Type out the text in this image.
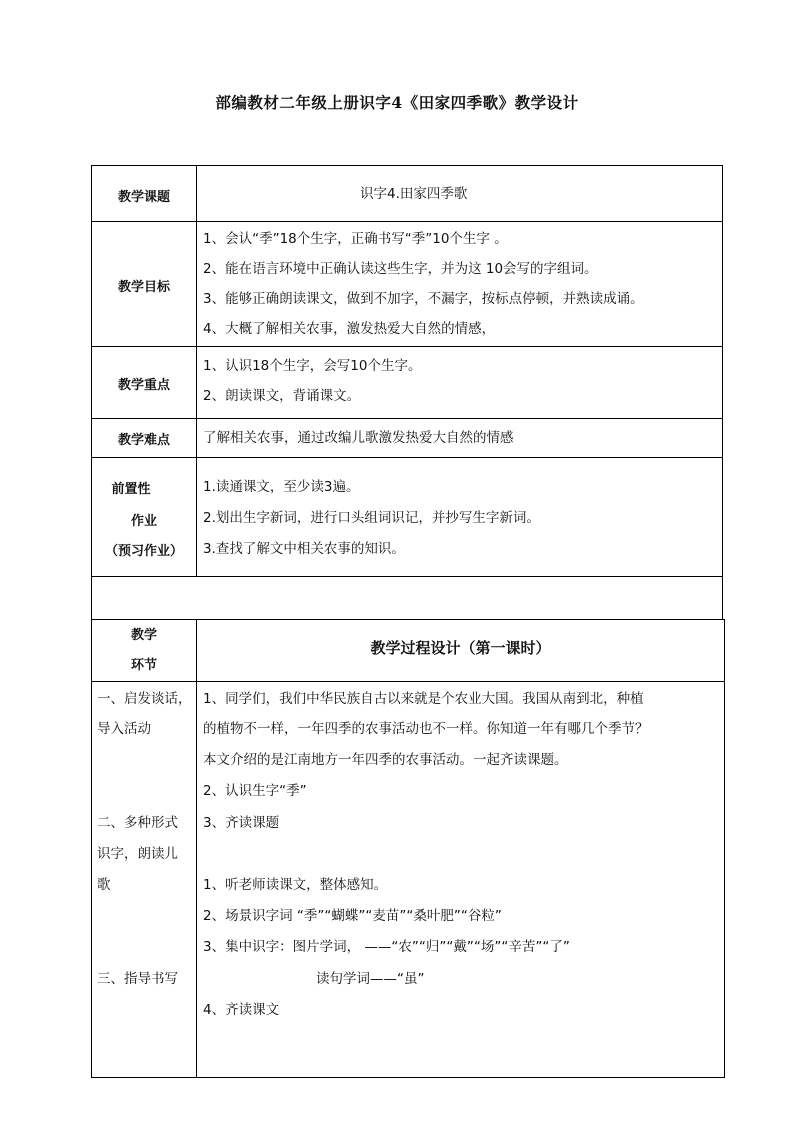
部编教材二年级上册识字4《田家四季歌》教学设计
教学课题	识字4.田家四季歌
教学目标
1、会认“季”18个生字，正确书写“季”10个生字 。
2、能在语言环境中正确认读这些生字，并为这 10会写的字组词。
3、能够正确朗读课文，做到不加字，不漏字，按标点停顿，并熟读成诵。
4、大概了解相关农事，激发热爱大自然的情感，
教学重点
1、认识18个生字，会写10个生字。
2、朗读课文，背诵课文。
教学难点	了解相关农事，通过改编儿歌激发热爱大自然的情感
前置性
作业
（预习作业）
1.读通课文，至少读3遍。
2.划出生字新词，进行口头组词识记，并抄写生字新词。
3.查找了解文中相关农事的知识。
教学
环节
教学过程设计（第一课时）
一、启发谈话，
导入活动
二、多种形式
识字，朗读儿
歌
三、指导书写
1、同学们，我们中华民族自古以来就是个农业大国。我国从南到北，种植
的植物不一样，一年四季的农事活动也不一样。你知道一年有哪几个季节？
本文介绍的是江南地方一年四季的农事活动。一起齐读课题。
2、认识生字“季”
3、齐读课题
1、听老师读课文，整体感知。
2、场景识字词 “季”“蝴蝶”“麦苗”“桑叶肥”“谷粒”
3、集中识字：图片学词， ——“农”“归”“戴”“场”“辛苦”“了”
读句学词——“虽”
4、齐读课文
